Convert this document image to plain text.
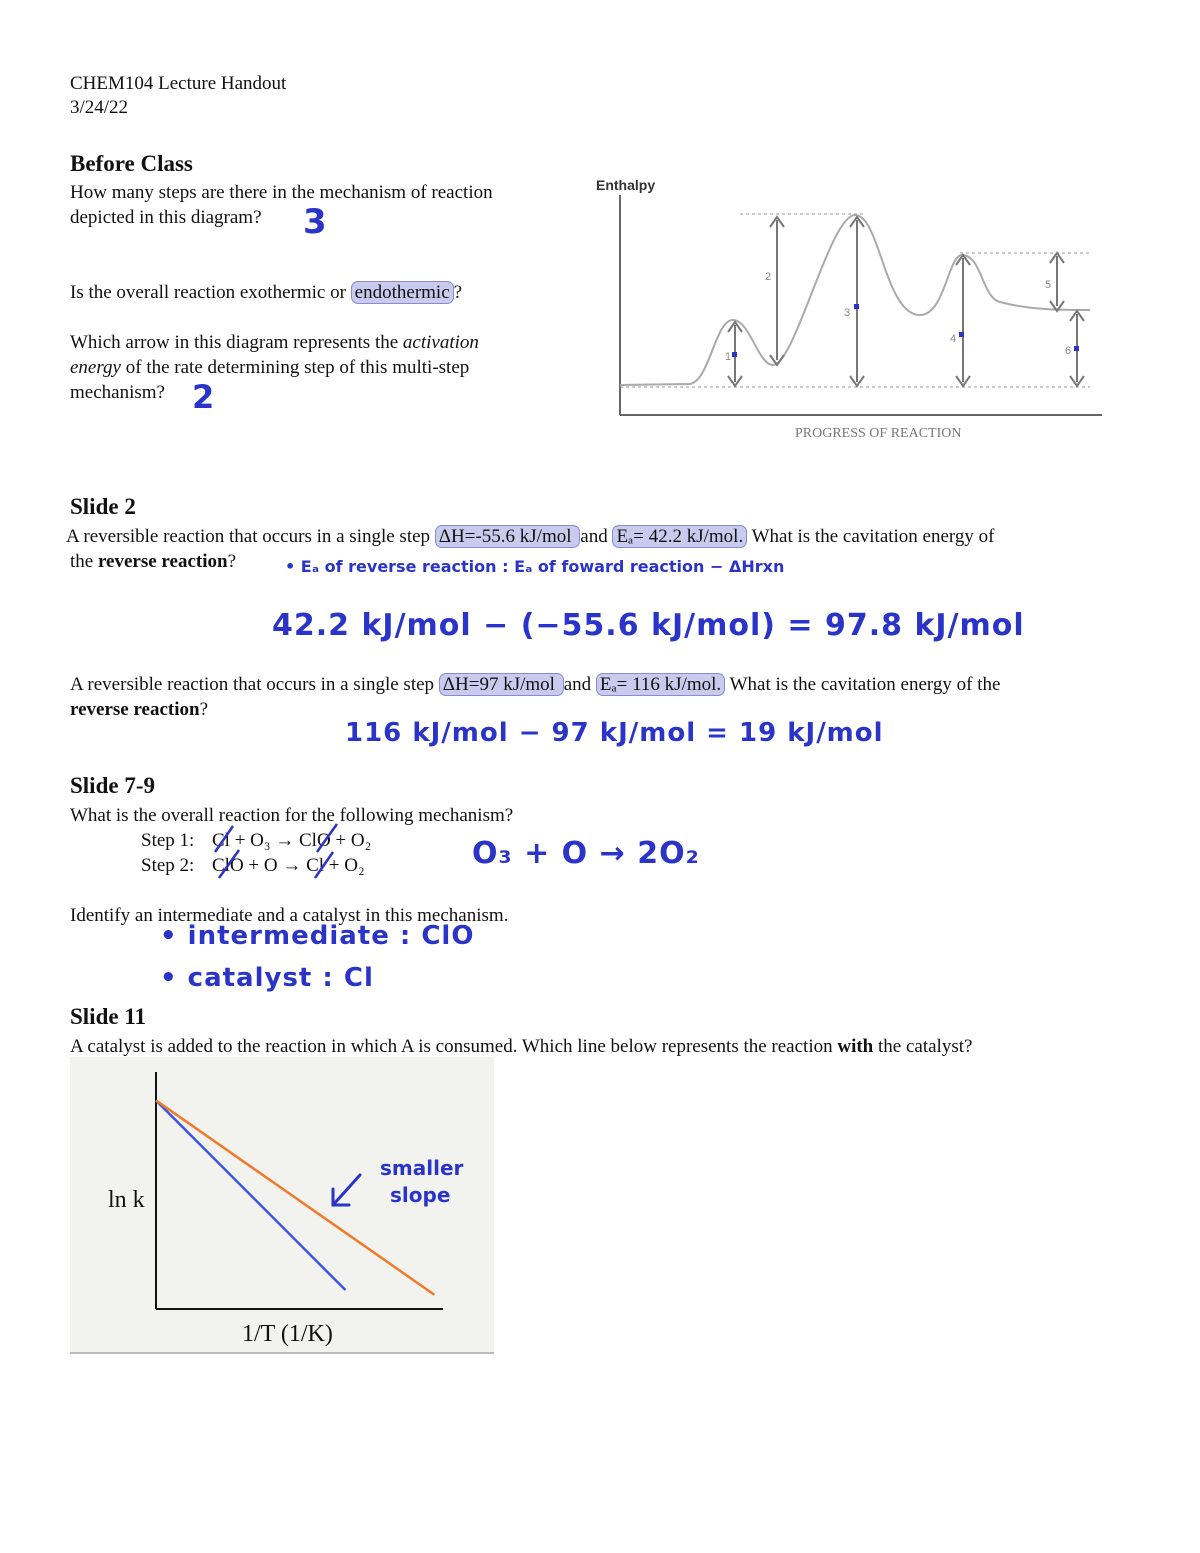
CHEM104 Lecture Handout
3/24/22
Before Class
How many steps are there in the mechanism of reaction
depicted in this diagram? 3
Is the overall reaction exothermic or endothermic ?
Which arrow in this diagram represents the activation
energy of the rate determining step of this multi-step
mechanism? 2
Enthalpy
PROGRESS OF REACTION
1
2
3
4
5
6
Slide 2
A reversible reaction that occurs in a single step ΔH=-55.6 kJ/mol and Eₐ= 42.2 kJ/mol. What is the cavitation energy of
the reverse reaction?	• Eₐ of reverse reaction : Eₐ of foward reaction − ΔHrxn
42.2 kJ/mol − (−55.6 kJ/mol) = 97.8 kJ/mol
A reversible reaction that occurs in a single step ΔH=97 kJ/mol and Eₐ= 116 kJ/mol. What is the cavitation energy of the
reverse reaction?
116 kJ/mol − 97 kJ/mol = 19 kJ/mol
Slide 7-9
What is the overall reaction for the following mechanism?
Step 1: Cl + O₃ → ClO + O₂
Step 2: ClO + O → Cl + O₂	O₃ + O → 2O₂
Identify an intermediate and a catalyst in this mechanism.
• intermediate : ClO
• catalyst : Cl
Slide 11
A catalyst is added to the reaction in which A is consumed. Which line below represents the reaction with the catalyst?
ln k
1/T (1/K)
smaller
slope
